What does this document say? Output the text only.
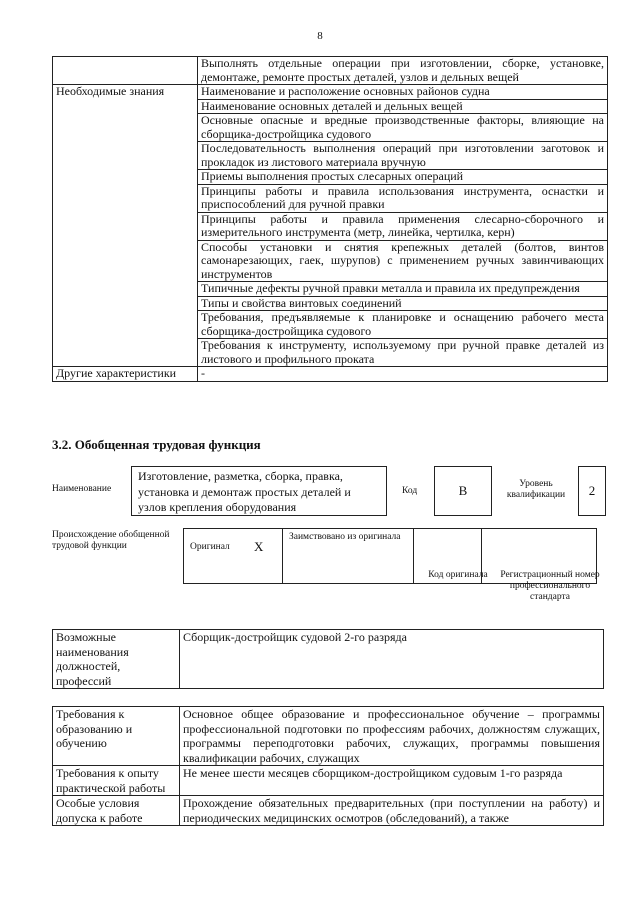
8
	Выполнять отдельные операции при изготовлении, сборке, установке, демонтаже, ремонте простых деталей, узлов и дельных вещей
Необходимые знания	Наименование и расположение основных районов судна
	Наименование основных деталей и дельных вещей
	Основные опасные и вредные производственные факторы, влияющие на сборщика-достройщика судового
	Последовательность выполнения операций при изготовлении заготовок и прокладок из листового материала вручную
	Приемы выполнения простых слесарных операций
	Принципы работы и правила использования инструмента, оснастки и приспособлений для ручной правки
	Принципы работы и правила применения слесарно-сборочного и измерительного инструмента (метр, линейка, чертилка, керн)
	Способы установки и снятия крепежных деталей (болтов, винтов самонарезающих, гаек, шурупов) с применением ручных завинчивающих инструментов
	Типичные дефекты ручной правки металла и правила их предупреждения
	Типы и свойства винтовых соединений
	Требования, предъявляемые к планировке и оснащению рабочего места сборщика-достройщика судового
	Требования к инструменту, используемому при ручной правке деталей из листового и профильного проката
Другие характеристики	-
3.2. Обобщенная трудовая функция
Наименование
Изготовление, разметка, сборка, правка, установка и демонтаж простых деталей и узлов крепления оборудования
Код	B	Уровень квалификации	2
Происхождение обобщенной трудовой функции	Оригинал	X	Заимствовано из оригинала		
Код оригинала Регистрационный номер профессионального стандарта
Возможные наименования должностей, профессий	Сборщик-достройщик судовой 2-го разряда
Требования к образованию и обучению	Основное общее образование и профессиональное обучение – программы профессиональной подготовки по профессиям рабочих, должностям служащих, программы переподготовки рабочих, служащих, программы повышения квалификации рабочих, служащих
Требования к опыту практической работы	Не менее шести месяцев сборщиком-достройщиком судовым 1-го разряда
Особые условия допуска к работе	Прохождение обязательных предварительных (при поступлении на работу) и периодических медицинских осмотров (обследований), а также
